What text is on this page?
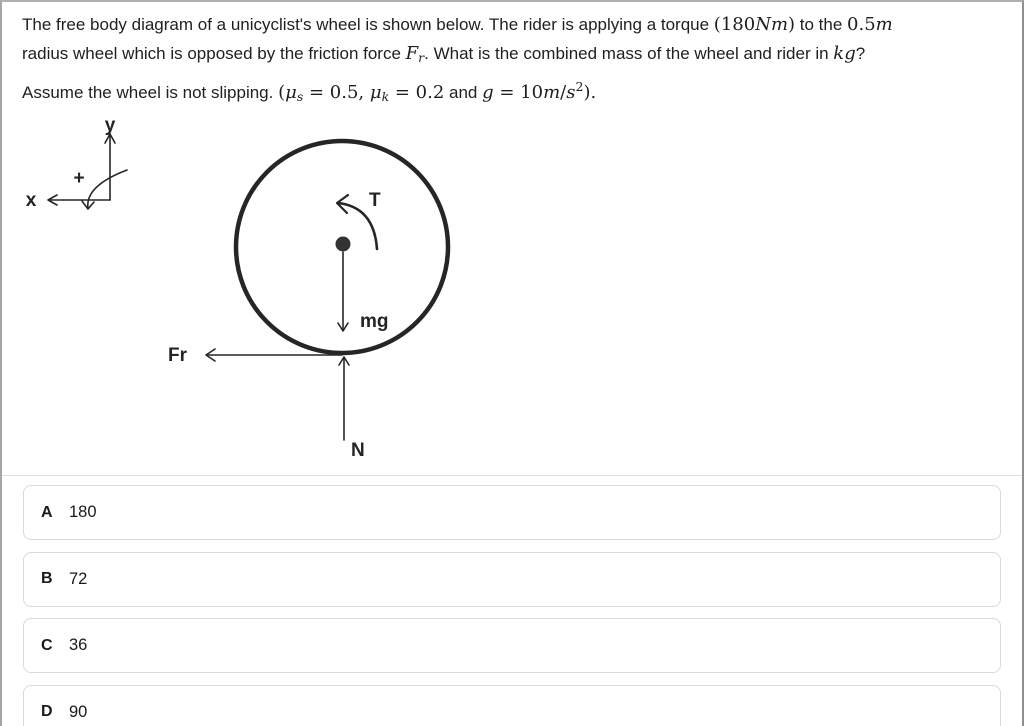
The free body diagram of a unicyclist's wheel is shown below. The rider is applying a torque (180Nm) to the 0.5m
radius wheel which is opposed by the friction force Fr. What is the combined mass of the wheel and rider in kg?
Assume the wheel is not slipping. (μs = 0.5, μk = 0.2 and $g = 10m/s^2$).
y
x
+
T
mg
Fr
N
A 180
B 72
C 36
D 90
